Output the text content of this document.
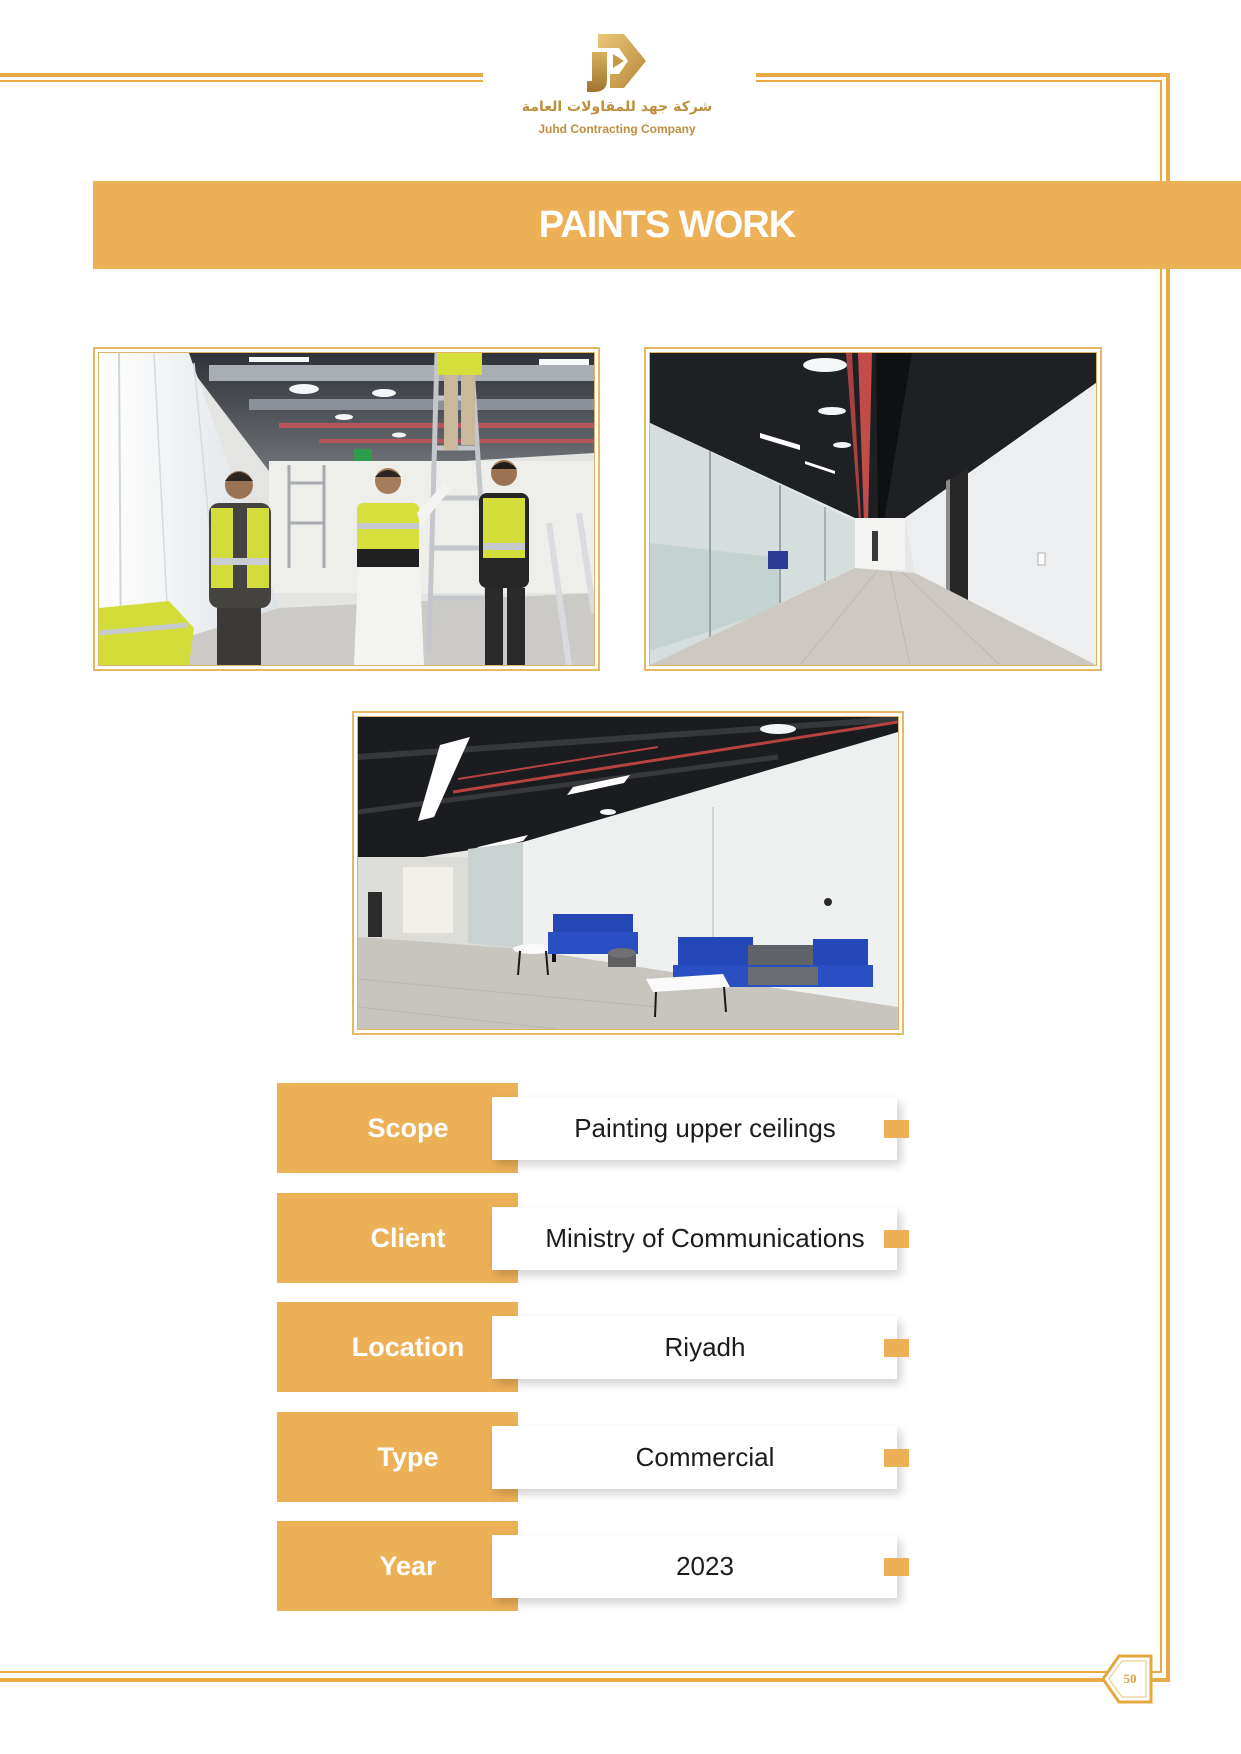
شركة جهد للمقاولات العامة
Juhd Contracting Company
PAINTS WORK
Scope	Painting upper ceilings
Client	Ministry of Communications
Location	Riyadh
Type	Commercial
Year	2023
50
